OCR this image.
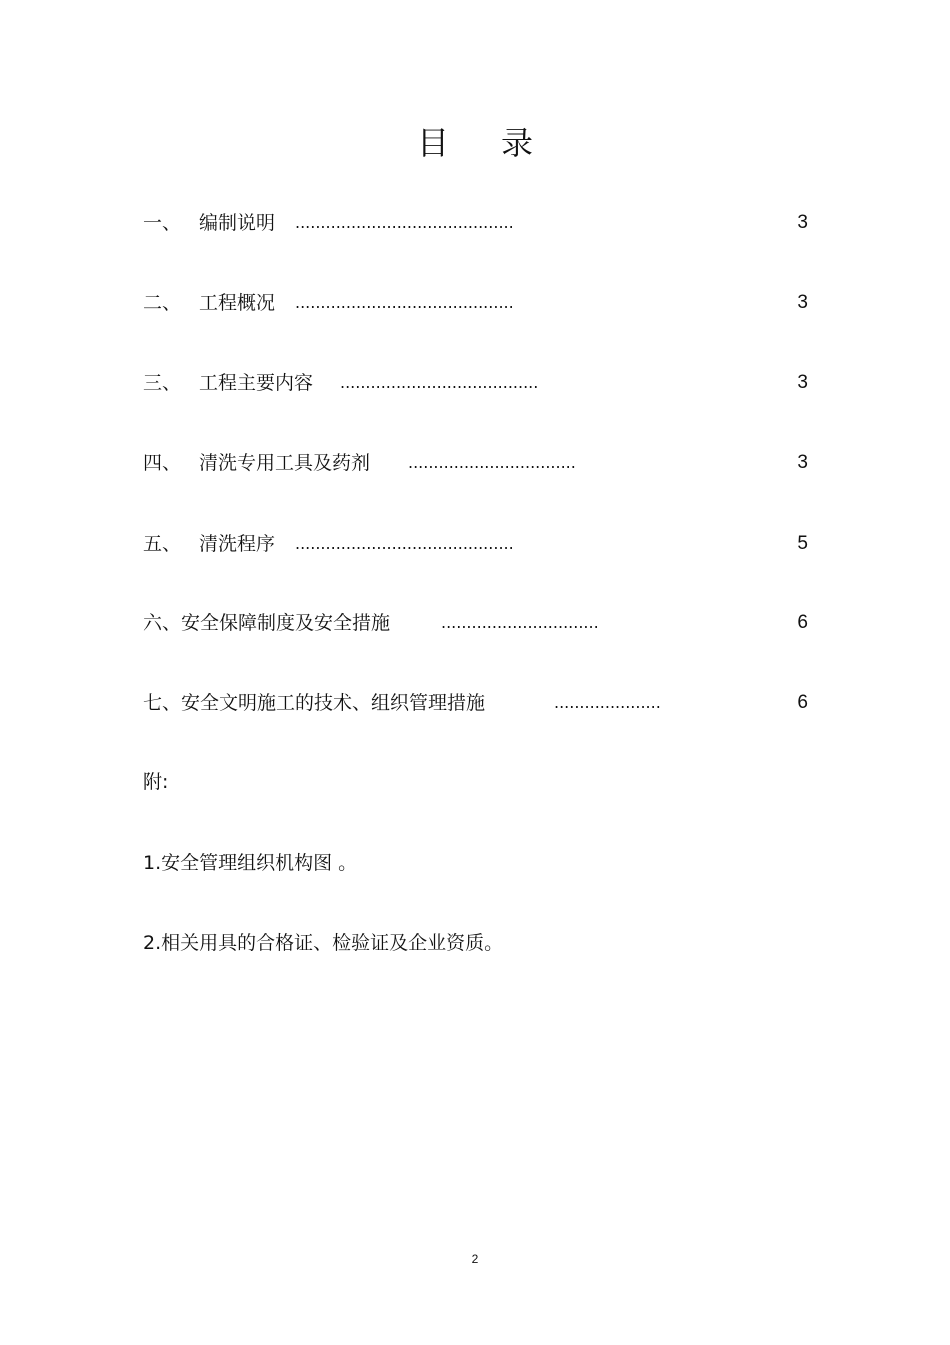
目 录
一、 编制说明 ...........................................	3
二、 工程概况 ...........................................	3
三、 工程主要内容 .......................................	3
四、 清洗专用工具及药剂 .................................	3
五、 清洗程序 ...........................................	5
六、安全保障制度及安全措施	...............................	6
七、安全文明施工的技术、组织管理措施	.....................	6
附:
1.安全管理组织机构图 。
2.相关用具的合格证、检验证及企业资质。
2
